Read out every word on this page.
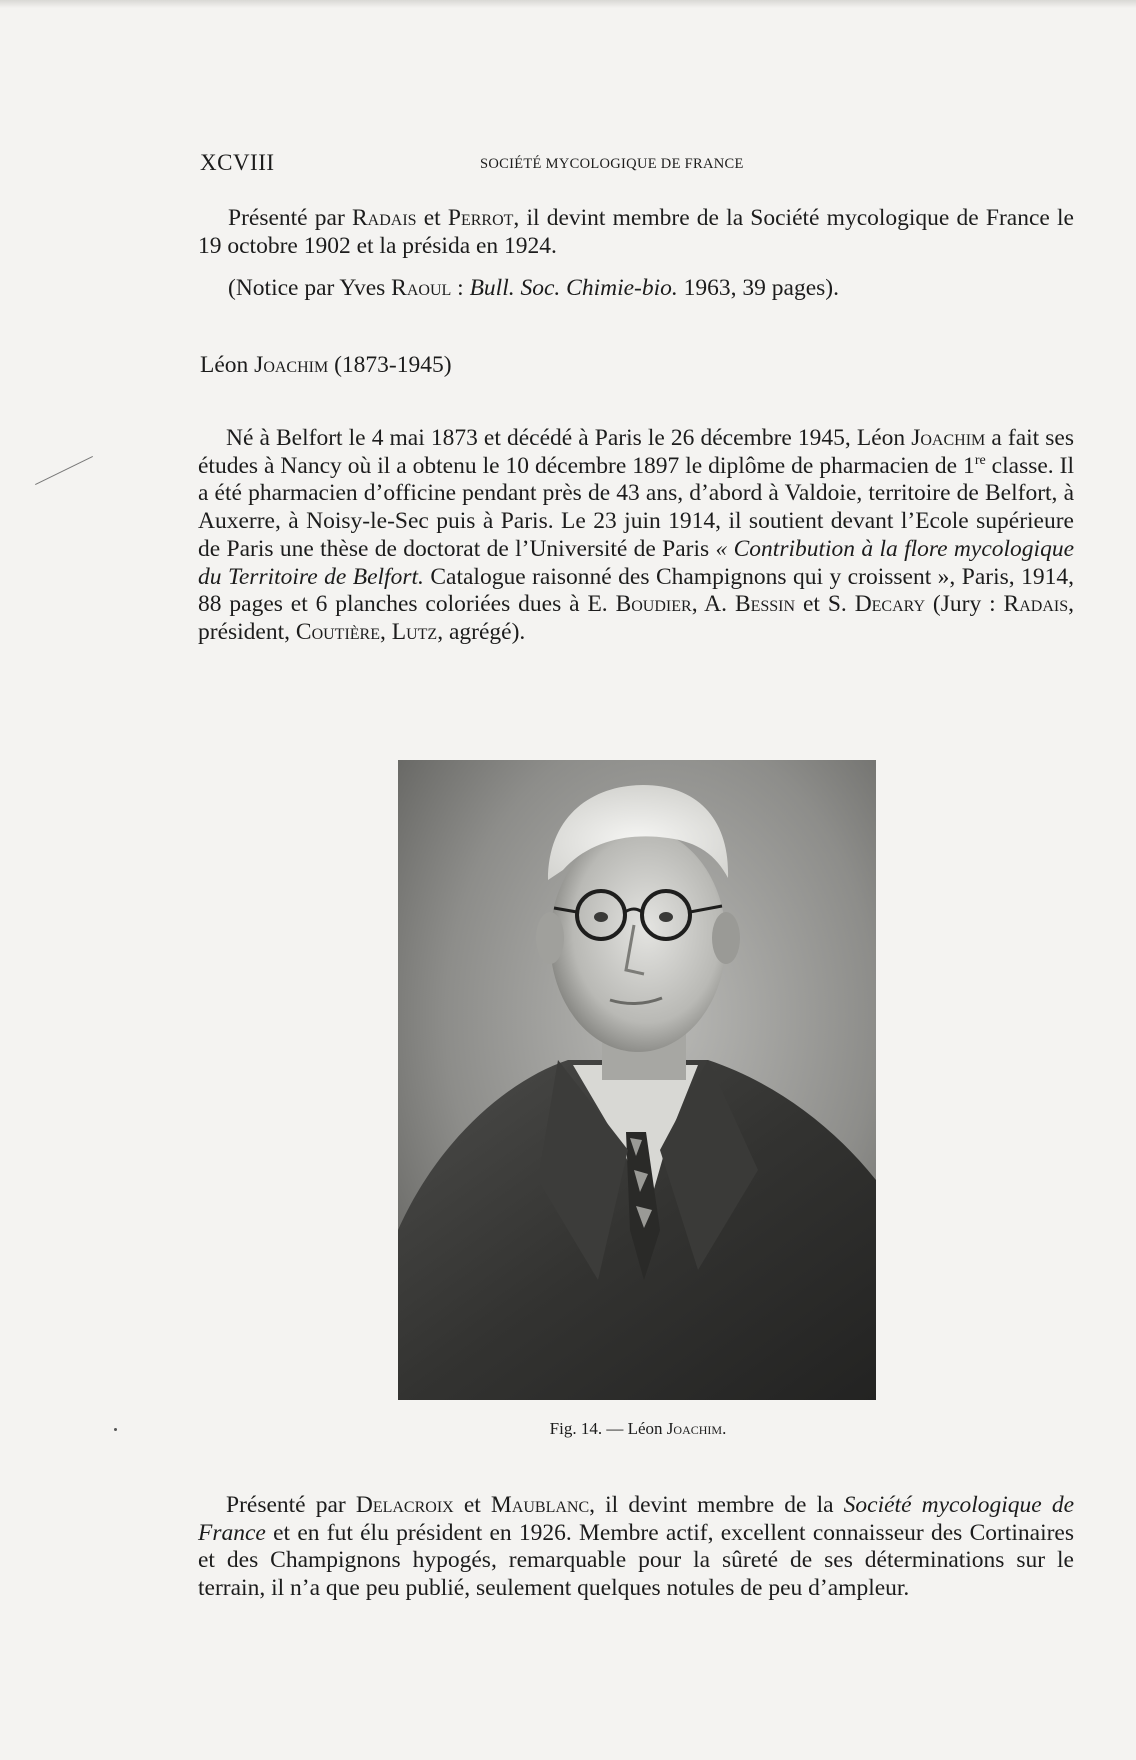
XCVIII	SOCIÉTÉ MYCOLOGIQUE DE FRANCE
Présenté par Radais et Perrot, il devint membre de la Société mycologique de France le 19 octobre 1902 et la présida en 1924.
(Notice par Yves Raoul : Bull. Soc. Chimie-bio. 1963, 39 pages).
Léon Joachim (1873-1945)
Né à Belfort le 4 mai 1873 et décédé à Paris le 26 décembre 1945, Léon Joachim a fait ses études à Nancy où il a obtenu le 10 décembre 1897 le diplôme de pharmacien de 1re classe. Il a été pharmacien d’officine pendant près de 43 ans, d’abord à Valdoie, territoire de Belfort, à Auxerre, à Noisy-le-Sec puis à Paris. Le 23 juin 1914, il soutient devant l’Ecole supérieure de Paris une thèse de doctorat de l’Université de Paris « Contribution à la flore mycologique du Territoire de Belfort. Catalogue raisonné des Champignons qui y croissent », Paris, 1914, 88 pages et 6 planches coloriées dues à E. Boudier, A. Bessin et S. Decary (Jury : Radais, président, Coutière, Lutz, agrégé).
Fig. 14. — Léon Joachim.
Présenté par Delacroix et Maublanc, il devint membre de la Société mycologique de France et en fut élu président en 1926. Membre actif, excellent connaisseur des Cortinaires et des Champignons hypogés, remarquable pour la sûreté de ses déterminations sur le terrain, il n’a que peu publié, seulement quelques notules de peu d’ampleur.
